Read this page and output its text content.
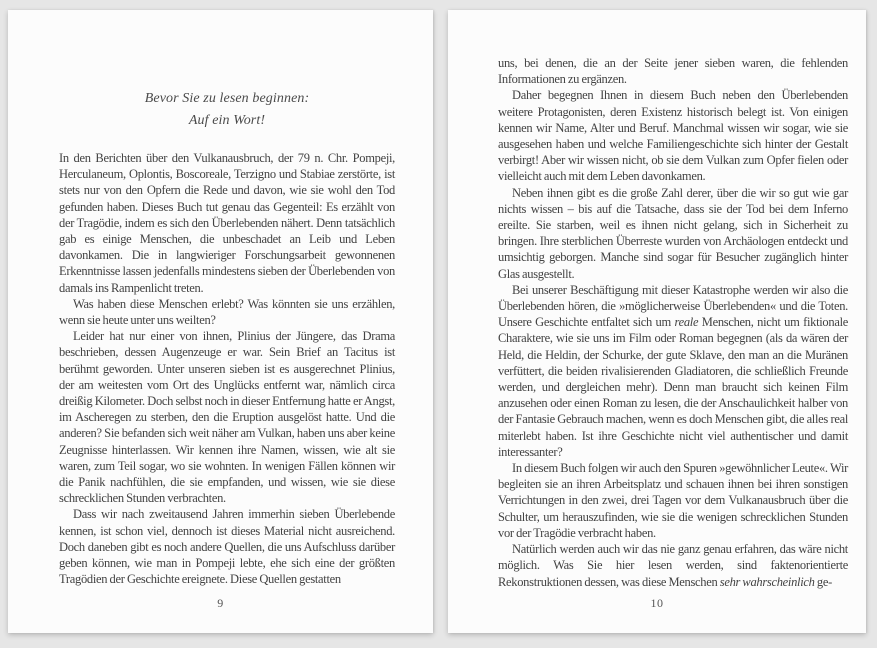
Bevor Sie zu lesen beginnen:
Auf ein Wort!

In den Berichten über den Vulkanausbruch, der 79 n. Chr. Pompeji, Herculaneum, Oplontis, Boscoreale, Terzigno und Stabiae zerstörte, ist stets nur von den Opfern die Rede und davon, wie sie wohl den Tod gefunden haben. Dieses Buch tut genau das Gegenteil: Es erzählt von der Tragödie, indem es sich den Überlebenden nähert. Denn tatsächlich gab es einige Menschen, die unbeschadet an Leib und Leben davonkamen. Die in langwieriger Forschungsarbeit gewonnenen Erkenntnisse lassen jedenfalls mindestens sieben der Überlebenden von damals ins Rampenlicht treten.

Was haben diese Menschen erlebt? Was könnten sie uns erzählen, wenn sie heute unter uns weilten?

Leider hat nur einer von ihnen, Plinius der Jüngere, das Drama beschrieben, dessen Augenzeuge er war. Sein Brief an Tacitus ist berühmt geworden. Unter unseren sieben ist es ausgerechnet Plinius, der am weitesten vom Ort des Unglücks entfernt war, nämlich circa dreißig Kilometer. Doch selbst noch in dieser Entfernung hatte er Angst, im Ascheregen zu sterben, den die Eruption ausgelöst hatte. Und die anderen? Sie befanden sich weit näher am Vulkan, haben uns aber keine Zeugnisse hinterlassen. Wir kennen ihre Namen, wissen, wie alt sie waren, zum Teil sogar, wo sie wohnten. In wenigen Fällen können wir die Panik nachfühlen, die sie empfanden, und wissen, wie sie diese schrecklichen Stunden verbrachten.

Dass wir nach zweitausend Jahren immerhin sieben Überlebende kennen, ist schon viel, dennoch ist dieses Material nicht ausreichend. Doch daneben gibt es noch andere Quellen, die uns Aufschluss darüber geben können, wie man in Pompeji lebte, ehe sich eine der größten Tragödien der Geschichte ereignete. Diese Quellen gestatten

9

uns, bei denen, die an der Seite jener sieben waren, die fehlenden Informationen zu ergänzen.

Daher begegnen Ihnen in diesem Buch neben den Überlebenden weitere Protagonisten, deren Existenz historisch belegt ist. Von einigen kennen wir Name, Alter und Beruf. Manchmal wissen wir sogar, wie sie ausgesehen haben und welche Familiengeschichte sich hinter der Gestalt verbirgt! Aber wir wissen nicht, ob sie dem Vulkan zum Opfer fielen oder vielleicht auch mit dem Leben davonkamen.

Neben ihnen gibt es die große Zahl derer, über die wir so gut wie gar nichts wissen – bis auf die Tatsache, dass sie der Tod bei dem Inferno ereilte. Sie starben, weil es ihnen nicht gelang, sich in Sicherheit zu bringen. Ihre sterblichen Überreste wurden von Archäologen entdeckt und umsichtig geborgen. Manche sind sogar für Besucher zugänglich hinter Glas ausgestellt.

Bei unserer Beschäftigung mit dieser Katastrophe werden wir also die Überlebenden hören, die »möglicherweise Überlebenden« und die Toten. Unsere Geschichte entfaltet sich um reale Menschen, nicht um fiktionale Charaktere, wie sie uns im Film oder Roman begegnen (als da wären der Held, die Heldin, der Schurke, der gute Sklave, den man an die Muränen verfüttert, die beiden rivalisierenden Gladiatoren, die schließlich Freunde werden, und dergleichen mehr). Denn man braucht sich keinen Film anzusehen oder einen Roman zu lesen, die der Anschaulichkeit halber von der Fantasie Gebrauch machen, wenn es doch Menschen gibt, die alles real miterlebt haben. Ist ihre Geschichte nicht viel authentischer und damit interessanter?

In diesem Buch folgen wir auch den Spuren »gewöhnlicher Leute«. Wir begleiten sie an ihren Arbeitsplatz und schauen ihnen bei ihren sonstigen Verrichtungen in den zwei, drei Tagen vor dem Vulkanausbruch über die Schulter, um herauszufinden, wie sie die wenigen schrecklichen Stunden vor der Tragödie verbracht haben.

Natürlich werden auch wir das nie ganz genau erfahren, das wäre nicht möglich. Was Sie hier lesen werden, sind faktenorientierte Rekonstruktionen dessen, was diese Menschen sehr wahrscheinlich ge-

10
